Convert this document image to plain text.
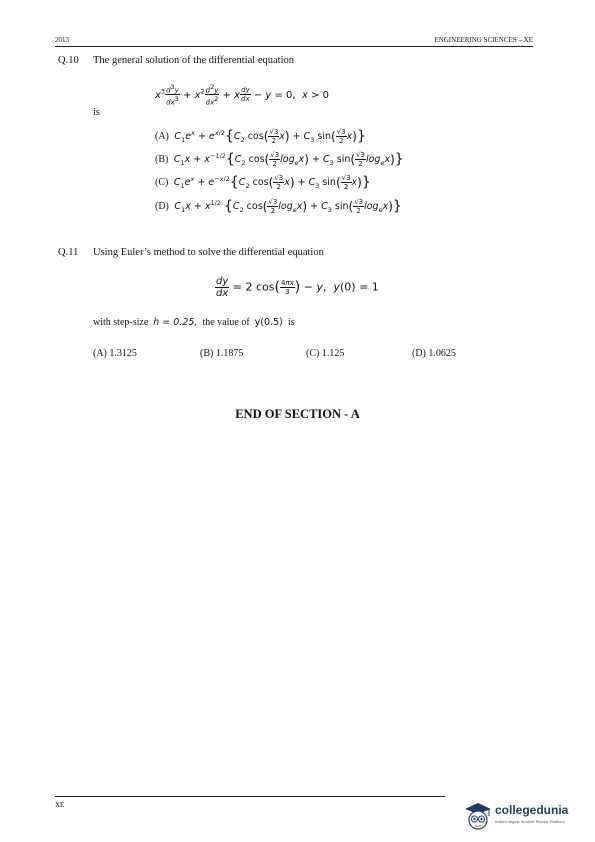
2013	ENGINEERING SCIENCES – XE
Q.10 The general solution of the differential equation
$x^3 \frac{d^3y}{dx^3} + x^2 \frac{d^2y}{dx^2} + x \frac{dy}{dx} - y = 0$,  x > 0
is
(A) $C_1e^x + e^{x/2}\{C_2$ $\cos( \frac{√3}{2} x) + C_3$ $\sin( \frac{√3}{2} x)$}
(B) $C_1x + x^{-1/2}\{C_2$ $\cos( \frac{√3}{2} \log_ex) + C_3$ $\sin( \frac{√3}{2} \log_ex)$}
(C) $C_1e^x + e^{-x/2}\{C_2$ $\cos( \frac{√3}{2} x) + C_3$ $\sin( \frac{√3}{2} x)$}
(D) $C_1x + x^{1/2}$ {$C_2$ $\cos( \frac{√3}{2} \log_ex) + C_3$ $\sin( \frac{√3}{2} \log_ex)$}
Q.11 Using Euler’s method to solve the differential equation
$\frac{dy}{dx} = 2$ $\cos( \frac{4\pi x}{3}$ ) − y,  y(0) = 1
with step-size h = 0.25, the value of y(0.5) is
(A) 1.3125	(B) 1.1875	(C) 1.125	(D) 1.0625
END OF SECTION - A
XE	collegedunia
India's largest Student Review Platform
